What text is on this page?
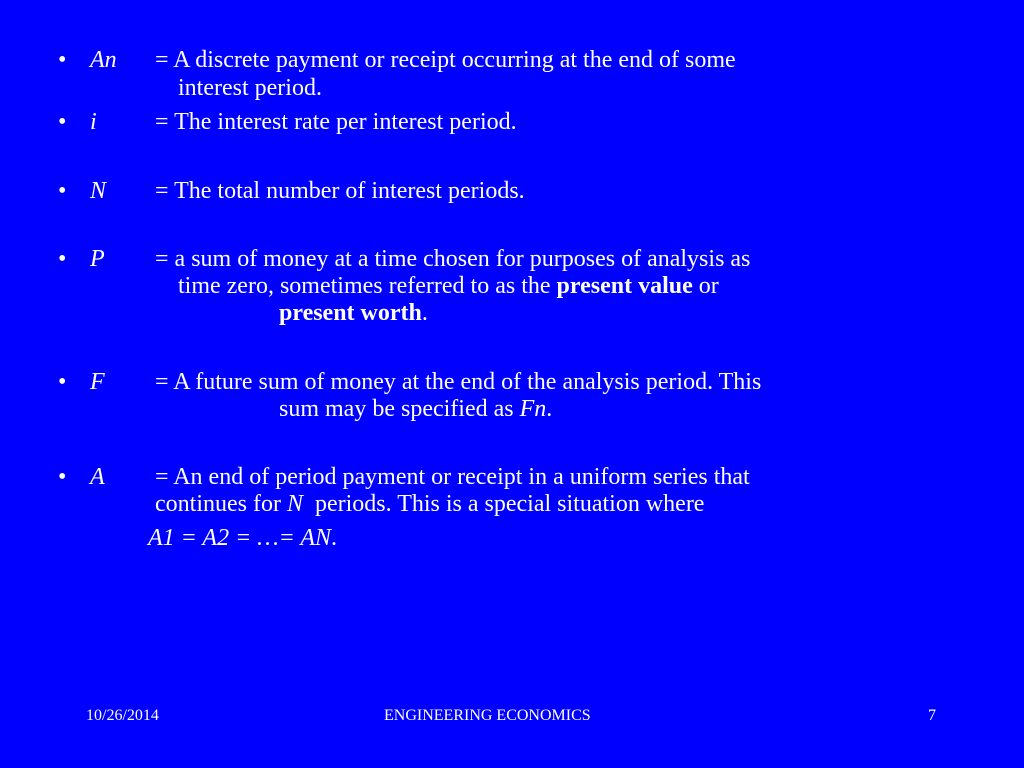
• An = A discrete payment or receipt occurring at the end of some
interest period.
• i = The interest rate per interest period.
• N = The total number of interest periods.
• P = a sum of money at a time chosen for purposes of analysis as
time zero, sometimes referred to as the present value or
present worth.
• F = A future sum of money at the end of the analysis period. This
sum may be specified as Fn.
• A = An end of period payment or receipt in a uniform series that
continues for N  periods. This is a special situation where
A1 = A2 = …= AN.
10/26/2014	ENGINEERING ECONOMICS	7
